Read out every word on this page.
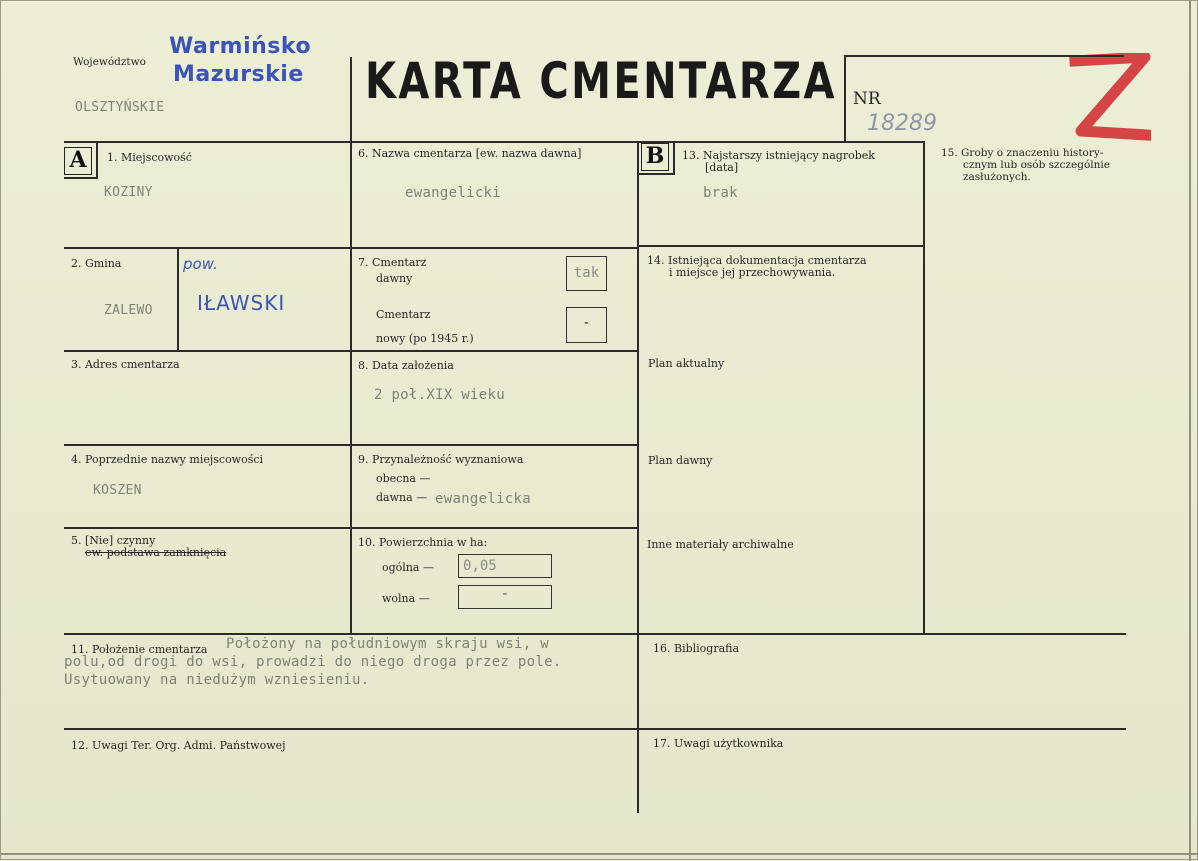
Województwo
Warmińsko
Mazurskie
OLSZTYŃSKIE	KARTA CMENTARZA NR
18289
A	1. Miejscowość
KOZINY
2. Gmina
ZALEWO
pow.
IŁAWSKI
3. Adres cmentarza
4. Poprzednie nazwy miejscowości
KOSZEN
5. [Nie] czynny
ew. podstawa zamknięcia
6. Nazwa cmentarza [ew. nazwa dawna]
ewangelicki
7. Cmentarz
dawny	tak
Cmentarz
nowy (po 1945 r.)
-
8. Data założenia
2 poł.XIX wieku
9. Przynależność wyznaniowa
obecna —
dawna — ewangelicka
10. Powierzchnia w ha:
ogólna —	0,05
wolna —	-
B	13. Najstarszy istniejący nagrobek
[data]
brak
14. Istniejąca dokumentacja cmentarza
i miejsce jej przechowywania.
Plan aktualny
Plan dawny
Inne materiały archiwalne
15. Groby o znaczeniu history-
cznym lub osób szczególnie
zasłużonych.
11. Położenie cmentarza Położony na południowym skraju wsi, w
polu,od drogi do wsi, prowadzi do niego droga przez pole.
Usytuowany na niedużym wzniesieniu.
12. Uwagi Ter. Org. Admi. Państwowej
16. Bibliografia
17. Uwagi użytkownika
